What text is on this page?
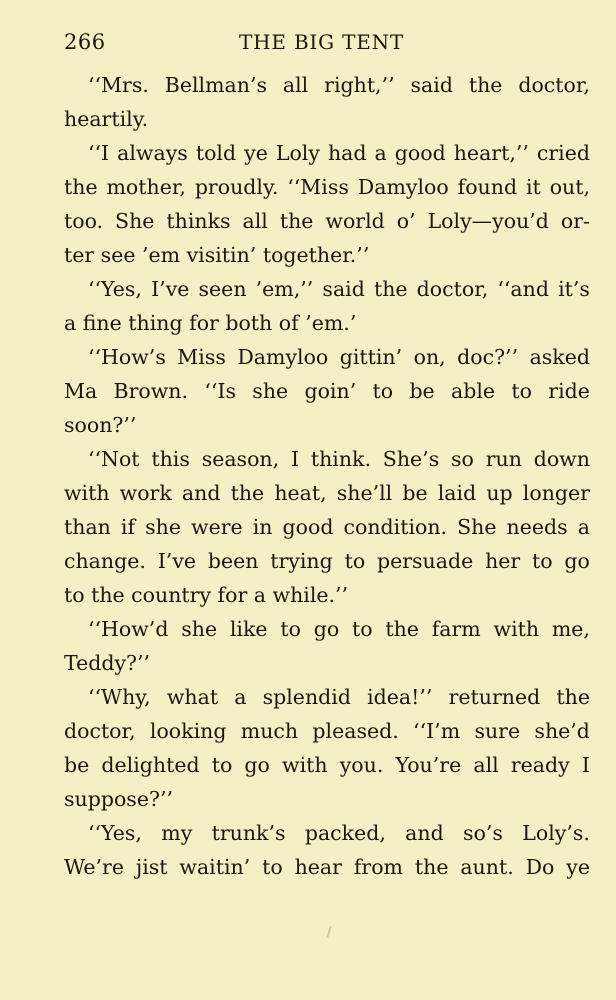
266	THE BIG TENT
‘‘Mrs. Bellman’s all right,’’ said the doctor,
heartily.
‘‘I always told ye Loly had a good heart,’’ cried
the mother, proudly. ‘‘Miss Damyloo found it out,
too. She thinks all the world o’ Loly—you’d or-
ter see ’em visitin’ together.’’
‘‘Yes, I’ve seen ’em,’’ said the doctor, ‘‘and it’s
a fine thing for both of ’em.’
‘‘How’s Miss Damyloo gittin’ on, doc?’’ asked
Ma Brown. ‘‘Is she goin’ to be able to ride
soon?’’
‘‘Not this season, I think. She’s so run down
with work and the heat, she’ll be laid up longer
than if she were in good condition. She needs a
change. I’ve been trying to persuade her to go
to the country for a while.’’
‘‘How’d she like to go to the farm with me,
Teddy?’’
‘‘Why, what a splendid idea!’’ returned the
doctor, looking much pleased. ‘‘I’m sure she’d
be delighted to go with you. You’re all ready I
suppose?’’
‘‘Yes, my trunk’s packed, and so’s Loly’s.
We’re jist waitin’ to hear from the aunt. Do ye
